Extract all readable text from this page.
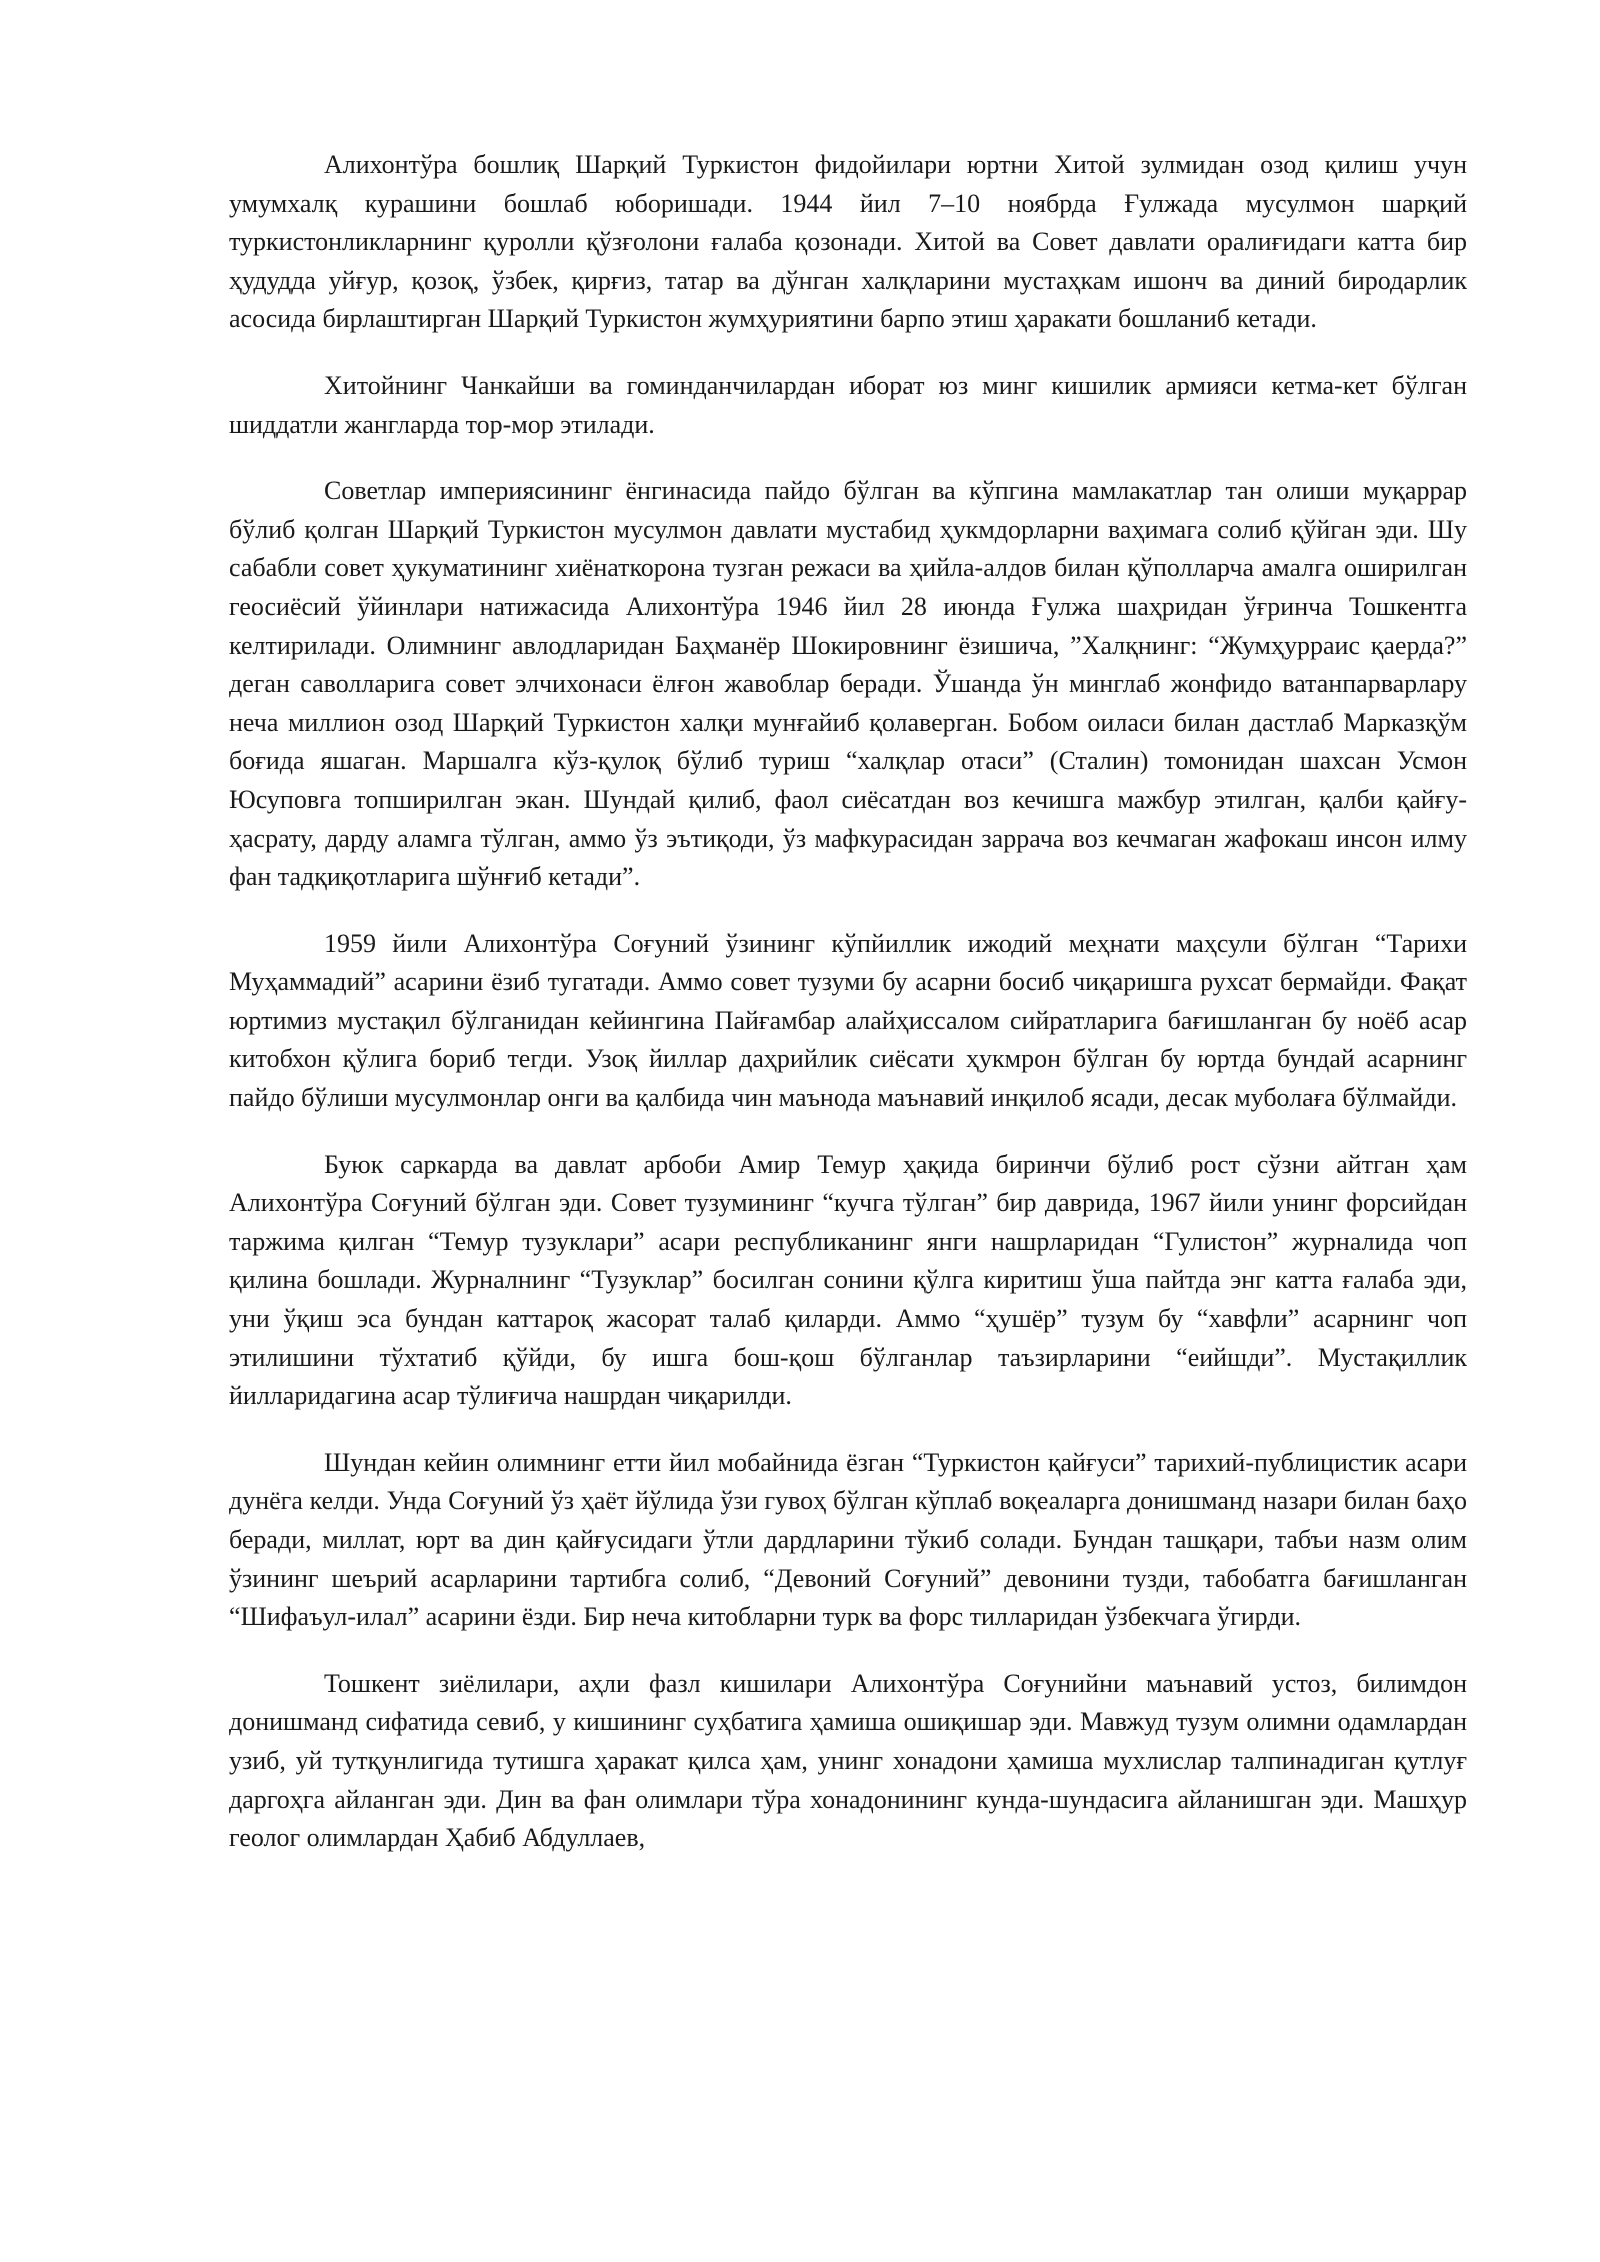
Алихонтўра бошлиқ Шарқий Туркистон фидойилари юртни Хитой зулмидан озод қилиш учун умумхалқ курашини бошлаб юборишади. 1944 йил 7–10 ноябрда Ғулжада мусулмон шарқий туркистонликларнинг қуролли қўзғолони ғалаба қозонади. Хитой ва Совет давлати оралиғидаги катта бир ҳудудда уйғур, қозоқ, ўзбек, қирғиз, татар ва дўнган халқларини мустаҳкам ишонч ва диний биродарлик асосида бирлаштирган Шарқий Туркистон жумҳуриятини барпо этиш ҳаракати бошланиб кетади.

Хитойнинг Чанкайши ва гоминданчилардан иборат юз минг кишилик армияси кетма-кет бўлган шиддатли жангларда тор-мор этилади.

Советлар империясининг ёнгинасида пайдо бўлган ва кўпгина мамлакатлар тан олиши муқаррар бўлиб қолган Шарқий Туркистон мусулмон давлати мустабид ҳукмдорларни ваҳимага солиб қўйган эди. Шу сабабли совет ҳукуматининг хиёнаткорона тузган режаси ва ҳийла-алдов билан қўполларча амалга оширилган геосиёсий ўйинлари натижасида Алихонтўра 1946 йил 28 июнда Ғулжа шаҳридан ўғринча Тошкентга келтирилади. Олимнинг авлодларидан Баҳманёр Шокировнинг ёзишича, ”Халқнинг: “Жумҳурраис қаерда?” деган саволларига совет элчихонаси ёлғон жавоблар беради. Ўшанда ўн минглаб жонфидо ватанпарварлару неча миллион озод Шарқий Туркистон халқи мунғайиб қолаверган. Бобом оиласи билан дастлаб Марказқўм боғида яшаган. Маршалга кўз-қулоқ бўлиб туриш “халқлар отаси” (Сталин) томонидан шахсан Усмон Юсуповга топширилган экан. Шундай қилиб, фаол сиёсатдан воз кечишга мажбур этилган, қалби қайғу-ҳасрату, дарду аламга тўлган, аммо ўз эътиқоди, ўз мафкурасидан заррача воз кечмаган жафокаш инсон илму фан тадқиқотларига шўнғиб кетади”.

1959 йили Алихонтўра Соғуний ўзининг кўпйиллик ижодий меҳнати маҳсули бўлган “Тарихи Муҳаммадий” асарини ёзиб тугатади. Аммо совет тузуми бу асарни босиб чиқаришга рухсат бермайди. Фақат юртимиз мустақил бўлганидан кейингина Пайғамбар алайҳиссалом сийратларига бағишланган бу ноёб асар китобхон қўлига бориб тегди. Узоқ йиллар даҳрийлик сиёсати ҳукмрон бўлган бу юртда бундай асарнинг пайдо бўлиши мусулмонлар онги ва қалбида чин маънода маънавий инқилоб ясади, десак муболаға бўлмайди.

Буюк саркарда ва давлат арбоби Амир Темур ҳақида биринчи бўлиб рост сўзни айтган ҳам Алихонтўра Соғуний бўлган эди. Совет тузумининг “кучга тўлган” бир даврида, 1967 йили унинг форсийдан таржима қилган “Темур тузуклари” асари республиканинг янги нашрларидан “Гулистон” журналида чоп қилина бошлади. Журналнинг “Тузуклар” босилган сонини қўлга киритиш ўша пайтда энг катта ғалаба эди, уни ўқиш эса бундан каттароқ жасорат талаб қиларди. Аммо “ҳушёр” тузум бу “хавфли” асарнинг чоп этилишини тўхтатиб қўйди, бу ишга бош-қош бўлганлар таъзирларини “еийшди”. Мустақиллик йилларидагина асар тўлиғича нашрдан чиқарилди.

Шундан кейин олимнинг етти йил мобайнида ёзган “Туркистон қайғуси” тарихий-публицистик асари дунёга келди. Унда Соғуний ўз ҳаёт йўлида ўзи гувоҳ бўлган кўплаб воқеаларга донишманд назари билан баҳо беради, миллат, юрт ва дин қайғусидаги ўтли дардларини тўкиб солади. Бундан ташқари, табъи назм олим ўзининг шеърий асарларини тартибга солиб, “Девоний Соғуний” девонини тузди, табобатга бағишланган “Шифаъул-илал” асарини ёзди. Бир неча китобларни турк ва форс тилларидан ўзбекчага ўгирди.

Тошкент зиёлилари, аҳли фазл кишилари Алихонтўра Соғунийни маънавий устоз, билимдон донишманд сифатида севиб, у кишининг суҳбатига ҳамиша ошиқишар эди. Мавжуд тузум олимни одамлардан узиб, уй тутқунлигида тутишга ҳаракат қилса ҳам, унинг хонадони ҳамиша мухлислар талпинадиган қутлуғ даргоҳга айланган эди. Дин ва фан олимлари тўра хонадонининг кунда-шундасига айланишган эди. Машҳур геолог олимлардан Ҳабиб Абдуллаев,
